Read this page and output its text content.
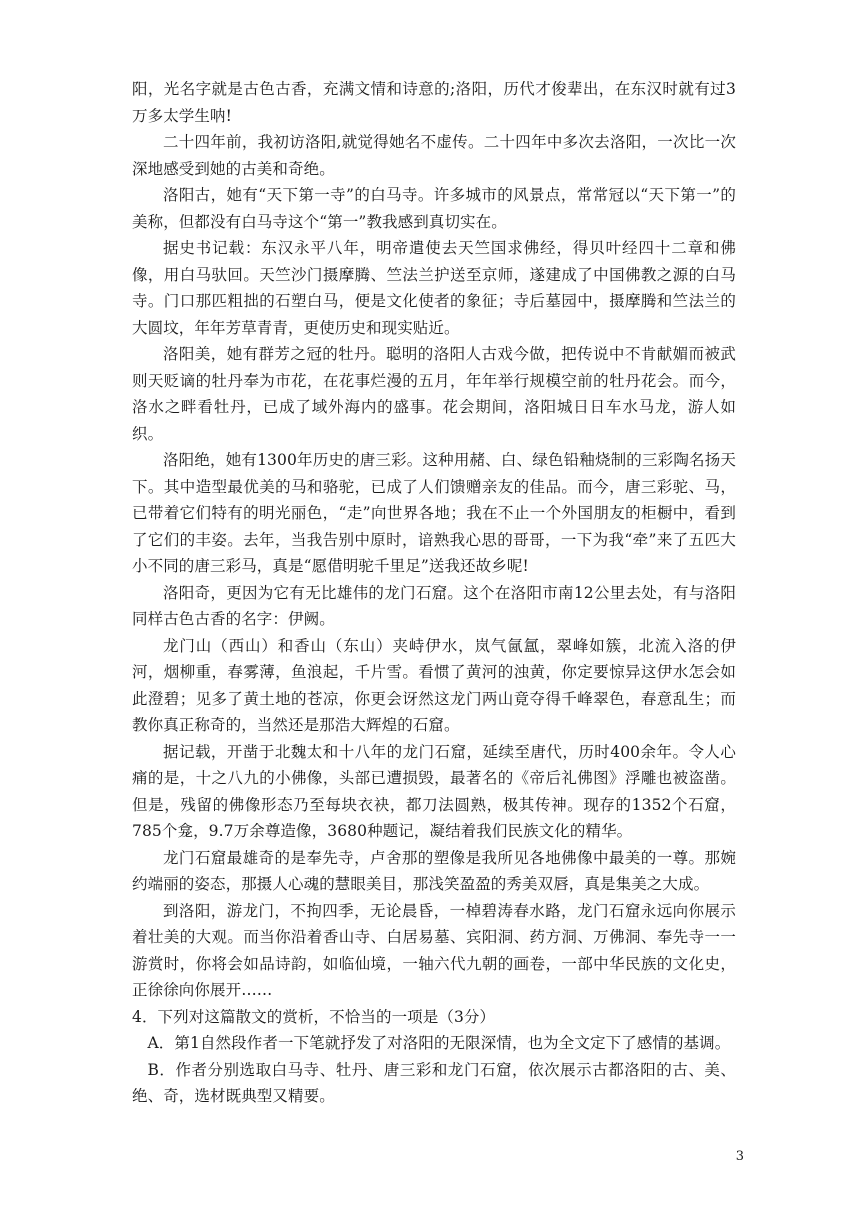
阳，光名字就是古色古香，充满文情和诗意的;洛阳，历代才俊辈出，在东汉时就有过3万多太学生呐!

二十四年前，我初访洛阳,就觉得她名不虚传。二十四年中多次去洛阳，一次比一次深地感受到她的古美和奇绝。

洛阳古，她有“天下第一寺”的白马寺。许多城市的风景点，常常冠以“天下第一”的美称，但都没有白马寺这个“第一”教我感到真切实在。

据史书记载：东汉永平八年，明帝遣使去天竺国求佛经，得贝叶经四十二章和佛像，用白马驮回。天竺沙门摄摩腾、竺法兰护送至京师，遂建成了中国佛教之源的白马寺。门口那匹粗拙的石塑白马，便是文化使者的象征；寺后墓园中，摄摩腾和竺法兰的大圆坟，年年芳草青青，更使历史和现实贴近。

洛阳美，她有群芳之冠的牡丹。聪明的洛阳人古戏今做，把传说中不肯献媚而被武则天贬谪的牡丹奉为市花，在花事烂漫的五月，年年举行规模空前的牡丹花会。而今，洛水之畔看牡丹，已成了域外海内的盛事。花会期间，洛阳城日日车水马龙，游人如织。

洛阳绝，她有1300年历史的唐三彩。这种用赭、白、绿色铅釉烧制的三彩陶名扬天下。其中造型最优美的马和骆驼，已成了人们馈赠亲友的佳品。而今，唐三彩驼、马，已带着它们特有的明光丽色，“走”向世界各地；我在不止一个外国朋友的柜橱中，看到了它们的丰姿。去年，当我告别中原时，谙熟我心思的哥哥，一下为我“牵”来了五匹大小不同的唐三彩马，真是“愿借明驼千里足”送我还故乡呢!

洛阳奇，更因为它有无比雄伟的龙门石窟。这个在洛阳市南12公里去处，有与洛阳同样古色古香的名字：伊阙。

龙门山（西山）和香山（东山）夹峙伊水，岚气氤氲，翠峰如簇，北流入洛的伊河，烟柳重，春雾薄，鱼浪起，千片雪。看惯了黄河的浊黄，你定要惊异这伊水怎会如此澄碧；见多了黄土地的苍凉，你更会讶然这龙门两山竟夺得千峰翠色，春意乱生；而教你真正称奇的，当然还是那浩大辉煌的石窟。

据记载，开凿于北魏太和十八年的龙门石窟，延续至唐代，历时400余年。令人心痛的是，十之八九的小佛像，头部已遭损毁，最著名的《帝后礼佛图》浮雕也被盗凿。但是，残留的佛像形态乃至每块衣袂，都刀法圆熟，极其传神。现存的1352个石窟，785个龛，9.7万余尊造像，3680种题记，凝结着我们民族文化的精华。

龙门石窟最雄奇的是奉先寺，卢舍那的塑像是我所见各地佛像中最美的一尊。那婉约端丽的姿态，那摄人心魂的慧眼美目，那浅笑盈盈的秀美双唇，真是集美之大成。

到洛阳，游龙门，不拘四季，无论晨昏，一棹碧涛春水路，龙门石窟永远向你展示着壮美的大观。而当你沿着香山寺、白居易墓、宾阳洞、药方洞、万佛洞、奉先寺一一游赏时，你将会如品诗韵，如临仙境，一轴六代九朝的画卷，一部中华民族的文化史，正徐徐向你展开……

4．下列对这篇散文的赏析，不恰当的一项是（3分）

A．第1自然段作者一下笔就抒发了对洛阳的无限深情，也为全文定下了感情的基调。

B．作者分别选取白马寺、牡丹、唐三彩和龙门石窟，依次展示古都洛阳的古、美、绝、奇，选材既典型又精要。

3
